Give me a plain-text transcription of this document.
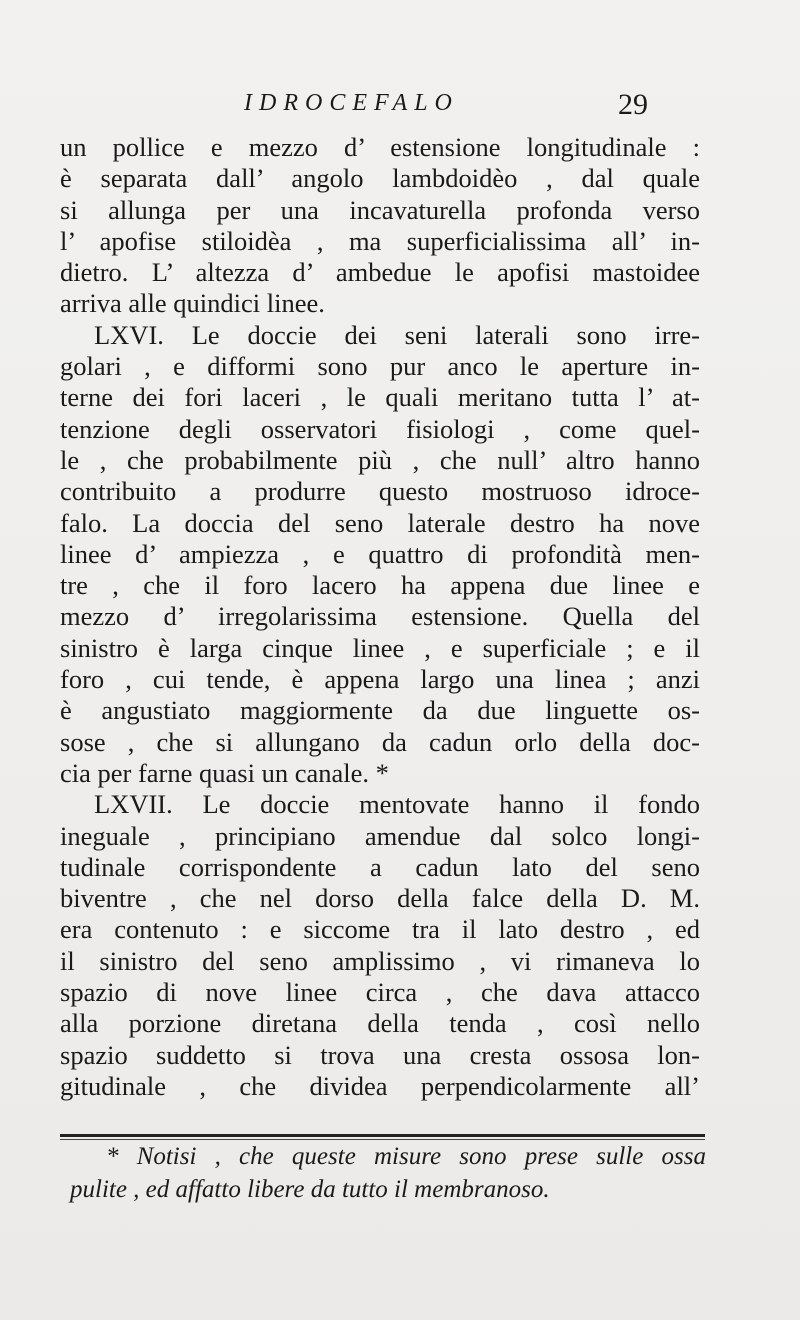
IDROCEFALO	29
un pollice e mezzo d’ estensione longitudinale :
è separata dall’ angolo lambdoidèo , dal quale
si allunga per una incavaturella profonda verso
l’ apofise stiloidèa , ma superficialissima all’ in-
dietro. L’ altezza d’ ambedue le apofisi mastoidee
arriva alle quindici linee.
LXVI. Le doccie dei seni laterali sono irre-
golari , e difformi sono pur anco le aperture in-
terne dei fori laceri , le quali meritano tutta l’ at-
tenzione degli osservatori fisiologi , come quel-
le , che probabilmente più , che null’ altro hanno
contribuito a produrre questo mostruoso idroce-
falo. La doccia del seno laterale destro ha nove
linee d’ ampiezza , e quattro di profondità men-
tre , che il foro lacero ha appena due linee e
mezzo d’ irregolarissima estensione. Quella del
sinistro è larga cinque linee , e superficiale ; e il
foro , cui tende, è appena largo una linea ; anzi
è angustiato maggiormente da due linguette os-
sose , che si allungano da cadun orlo della doc-
cia per farne quasi un canale. *
LXVII. Le doccie mentovate hanno il fondo
ineguale , principiano amendue dal solco longi-
tudinale corrispondente a cadun lato del seno
biventre , che nel dorso della falce della D. M.
era contenuto : e siccome tra il lato destro , ed
il sinistro del seno amplissimo , vi rimaneva lo
spazio di nove linee circa , che dava attacco
alla porzione diretana della tenda , così nello
spazio suddetto si trova una cresta ossosa lon-
gitudinale , che dividea perpendicolarmente all’
* Notisi , che queste misure sono prese sulle ossa
pulite , ed affatto libere da tutto il membranoso.
